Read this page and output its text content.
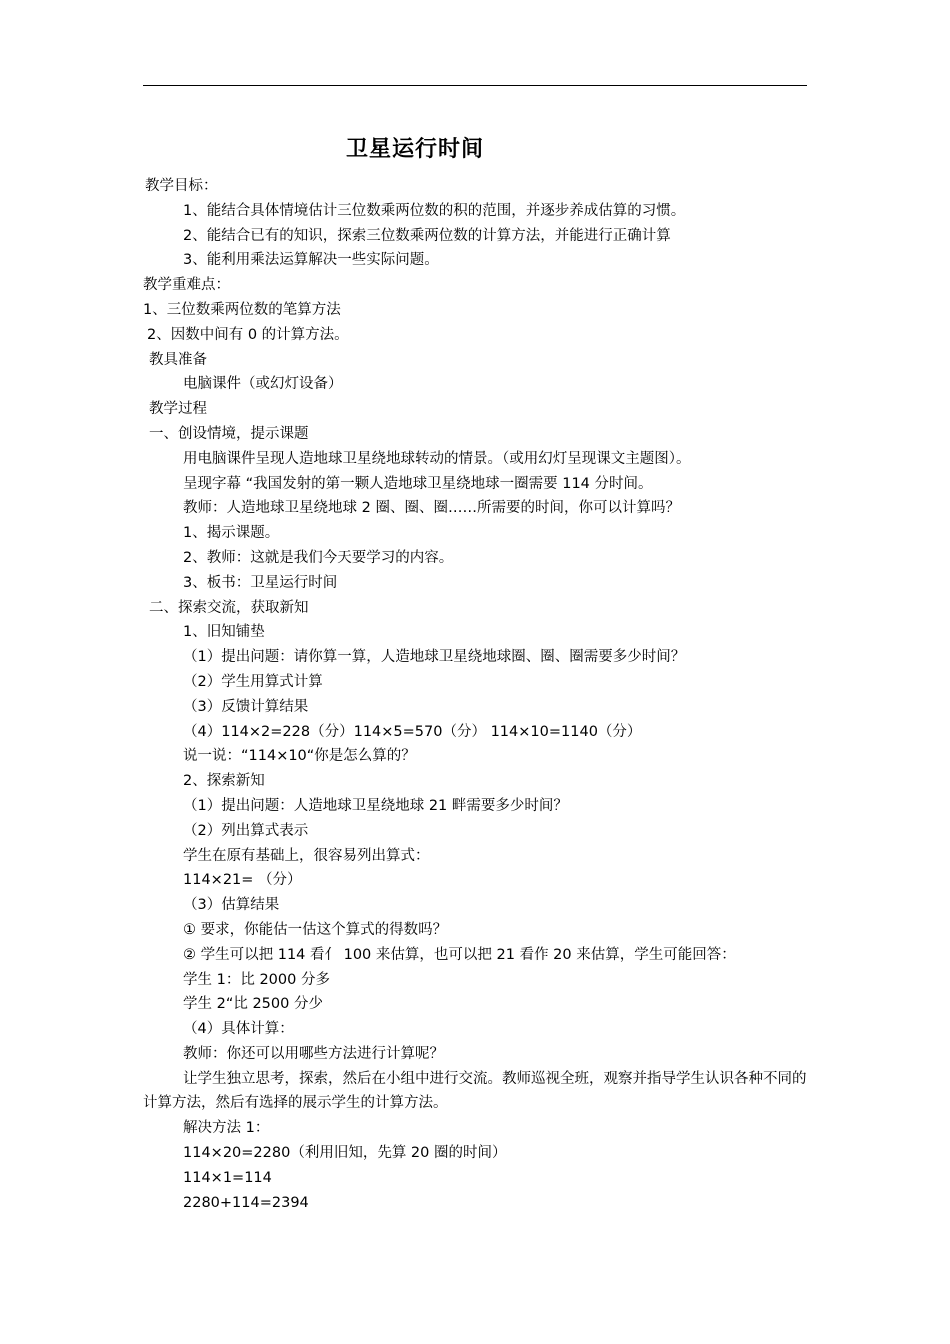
卫星运行时间
教学目标：
1、能结合具体情境估计三位数乘两位数的积的范围，并逐步养成估算的习惯。
2、能结合已有的知识，探索三位数乘两位数的计算方法，并能进行正确计算
3、能利用乘法运算解决一些实际问题。
教学重难点：
1、三位数乘两位数的笔算方法
2、因数中间有 0 的计算方法。
教具准备
电脑课件（或幻灯设备）
教学过程
一、创设情境，提示课题
用电脑课件呈现人造地球卫星绕地球转动的情景。（或用幻灯呈现课文主题图）。
呈现字幕 “我国发射的第一颗人造地球卫星绕地球一圈需要 114 分时间。
教师：人造地球卫星绕地球 2 圈、圈、圈……所需要的时间，你可以计算吗？
1、揭示课题。
2、教师：这就是我们今天要学习的内容。
3、板书：卫星运行时间
二、探索交流，获取新知
1、旧知铺垫
（1）提出问题：请你算一算，人造地球卫星绕地球圈、圈、圈需要多少时间？
（2）学生用算式计算
（3）反馈计算结果
（4）114×2=228（分）114×5=570（分） 114×10=1140（分）
说一说：“114×10“你是怎么算的？
2、探索新知
（1）提出问题：人造地球卫星绕地球 21 畔需要多少时间？
（2）列出算式表示
学生在原有基础上，很容易列出算式：
114×21= （分）
（3）估算结果
① 要求，你能估一估这个算式的得数吗？
② 学生可以把 114 看亻 100 来估算，也可以把 21 看作 20 来估算，学生可能回答：
学生 1：比 2000 分多
学生 2“比 2500 分少
（4）具体计算：
教师：你还可以用哪些方法进行计算呢？
让学生独立思考，探索，然后在小组中进行交流。教师巡视全班，观察并指导学生认识各种不同的计算方法，然后有选择的展示学生的计算方法。
解决方法 1：
114×20=2280（利用旧知，先算 20 圈的时间）
114×1=114
2280+114=2394
